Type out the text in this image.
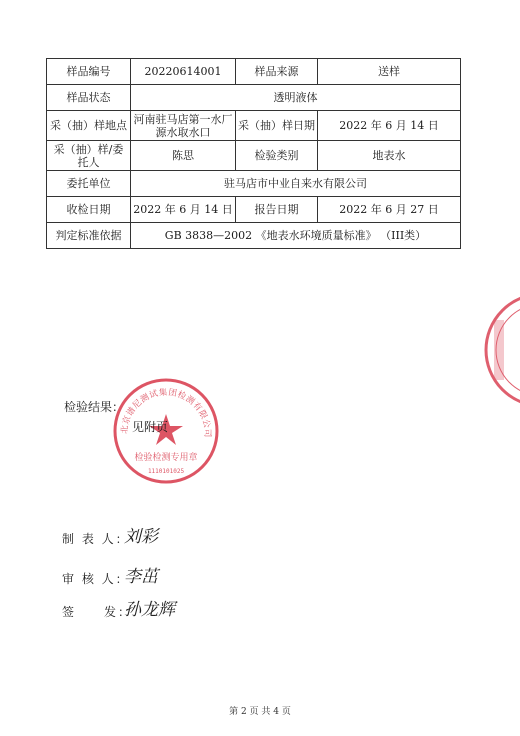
样品编号	20220614001	样品来源	送样
样品状态	透明液体		
采（抽）样地点	河南驻马店第一水厂源水取水口	采（抽）样日期	2022 年 6 月 14 日
采（抽）样/委托人	陈思	检验类别	地表水
委托单位	驻马店市中业自来水有限公司		
收检日期	2022 年 6 月 14 日	报告日期	2022 年 6 月 27 日
判定标准依据	GB 3838—2002 《地表水环境质量标准》 （III类）		
北京谱尼测试集团检测有限公司
检验检测专用章
1110101025
检验结果：
见附页
制 表 人：
刘彩
审 核 人：
李茁
签　　发：
孙龙辉
第 2 页 共 4 页
